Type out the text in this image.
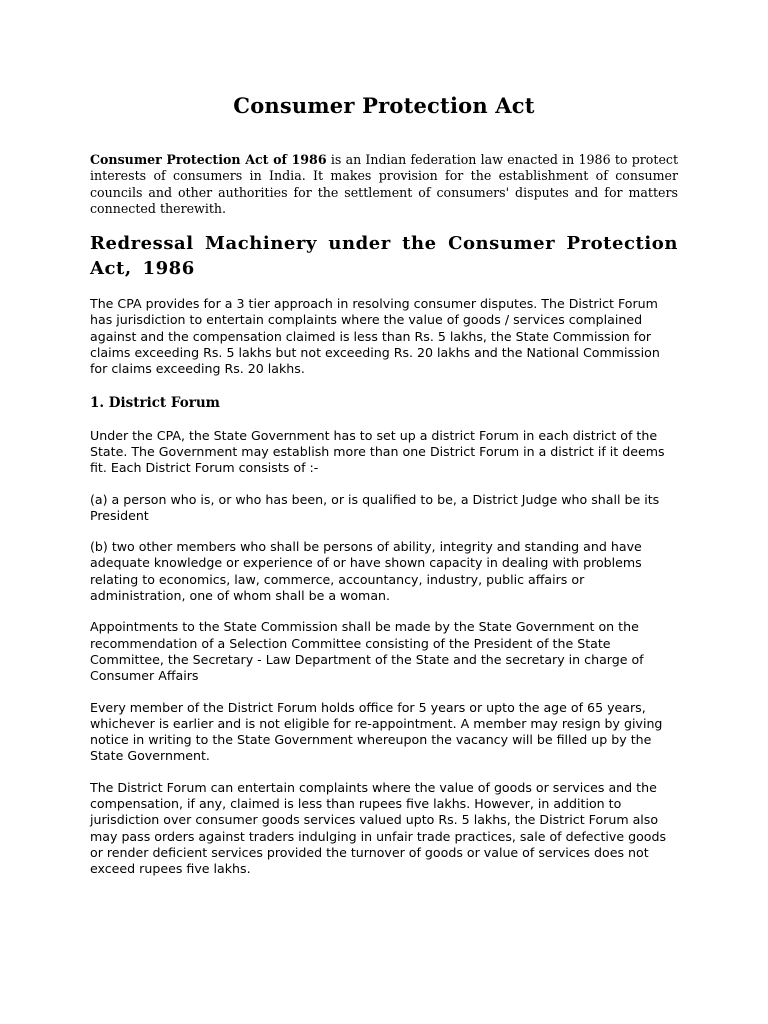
Consumer Protection Act

Consumer Protection Act of 1986 is an Indian federation law enacted in 1986 to protect interests of consumers in India. It makes provision for the establishment of consumer councils and other authorities for the settlement of consumers' disputes and for matters connected therewith.

Redressal Machinery under the Consumer Protection Act, 1986

The CPA provides for a 3 tier approach in resolving consumer disputes. The District Forum has jurisdiction to entertain complaints where the value of goods / services complained against and the compensation claimed is less than Rs. 5 lakhs, the State Commission for claims exceeding Rs. 5 lakhs but not exceeding Rs. 20 lakhs and the National Commission for claims exceeding Rs. 20 lakhs.

1. District Forum

Under the CPA, the State Government has to set up a district Forum in each district of the State. The Government may establish more than one District Forum in a district if it deems fit. Each District Forum consists of :-

(a) a person who is, or who has been, or is qualified to be, a District Judge who shall be its President

(b) two other members who shall be persons of ability, integrity and standing and have adequate knowledge or experience of or have shown capacity in dealing with problems relating to economics, law, commerce, accountancy, industry, public affairs or administration, one of whom shall be a woman.

Appointments to the State Commission shall be made by the State Government on the recommendation of a Selection Committee consisting of the President of the State Committee, the Secretary - Law Department of the State and the secretary in charge of Consumer Affairs

Every member of the District Forum holds office for 5 years or upto the age of 65 years, whichever is earlier and is not eligible for re-appointment. A member may resign by giving notice in writing to the State Government whereupon the vacancy will be filled up by the State Government.

The District Forum can entertain complaints where the value of goods or services and the compensation, if any, claimed is less than rupees five lakhs. However, in addition to jurisdiction over consumer goods services valued upto Rs. 5 lakhs, the District Forum also may pass orders against traders indulging in unfair trade practices, sale of defective goods or render deficient services provided the turnover of goods or value of services does not exceed rupees five lakhs.
